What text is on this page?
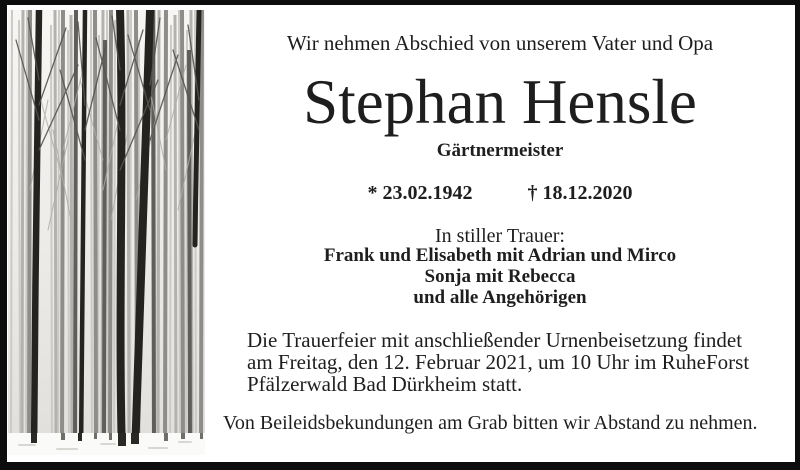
Wir nehmen Abschied von unserem Vater und Opa
Stephan Hensle
Gärtnermeister
* 23.02.1942	† 18.12.2020
In stiller Trauer:
Frank und Elisabeth mit Adrian und Mirco
Sonja mit Rebecca
und alle Angehörigen
Die Trauerfeier mit anschließender Urnenbeisetzung findet
am Freitag, den 12. Februar 2021, um 10 Uhr im RuheForst
Pfälzerwald Bad Dürkheim statt.
Von Beileidsbekundungen am Grab bitten wir Abstand zu nehmen.
